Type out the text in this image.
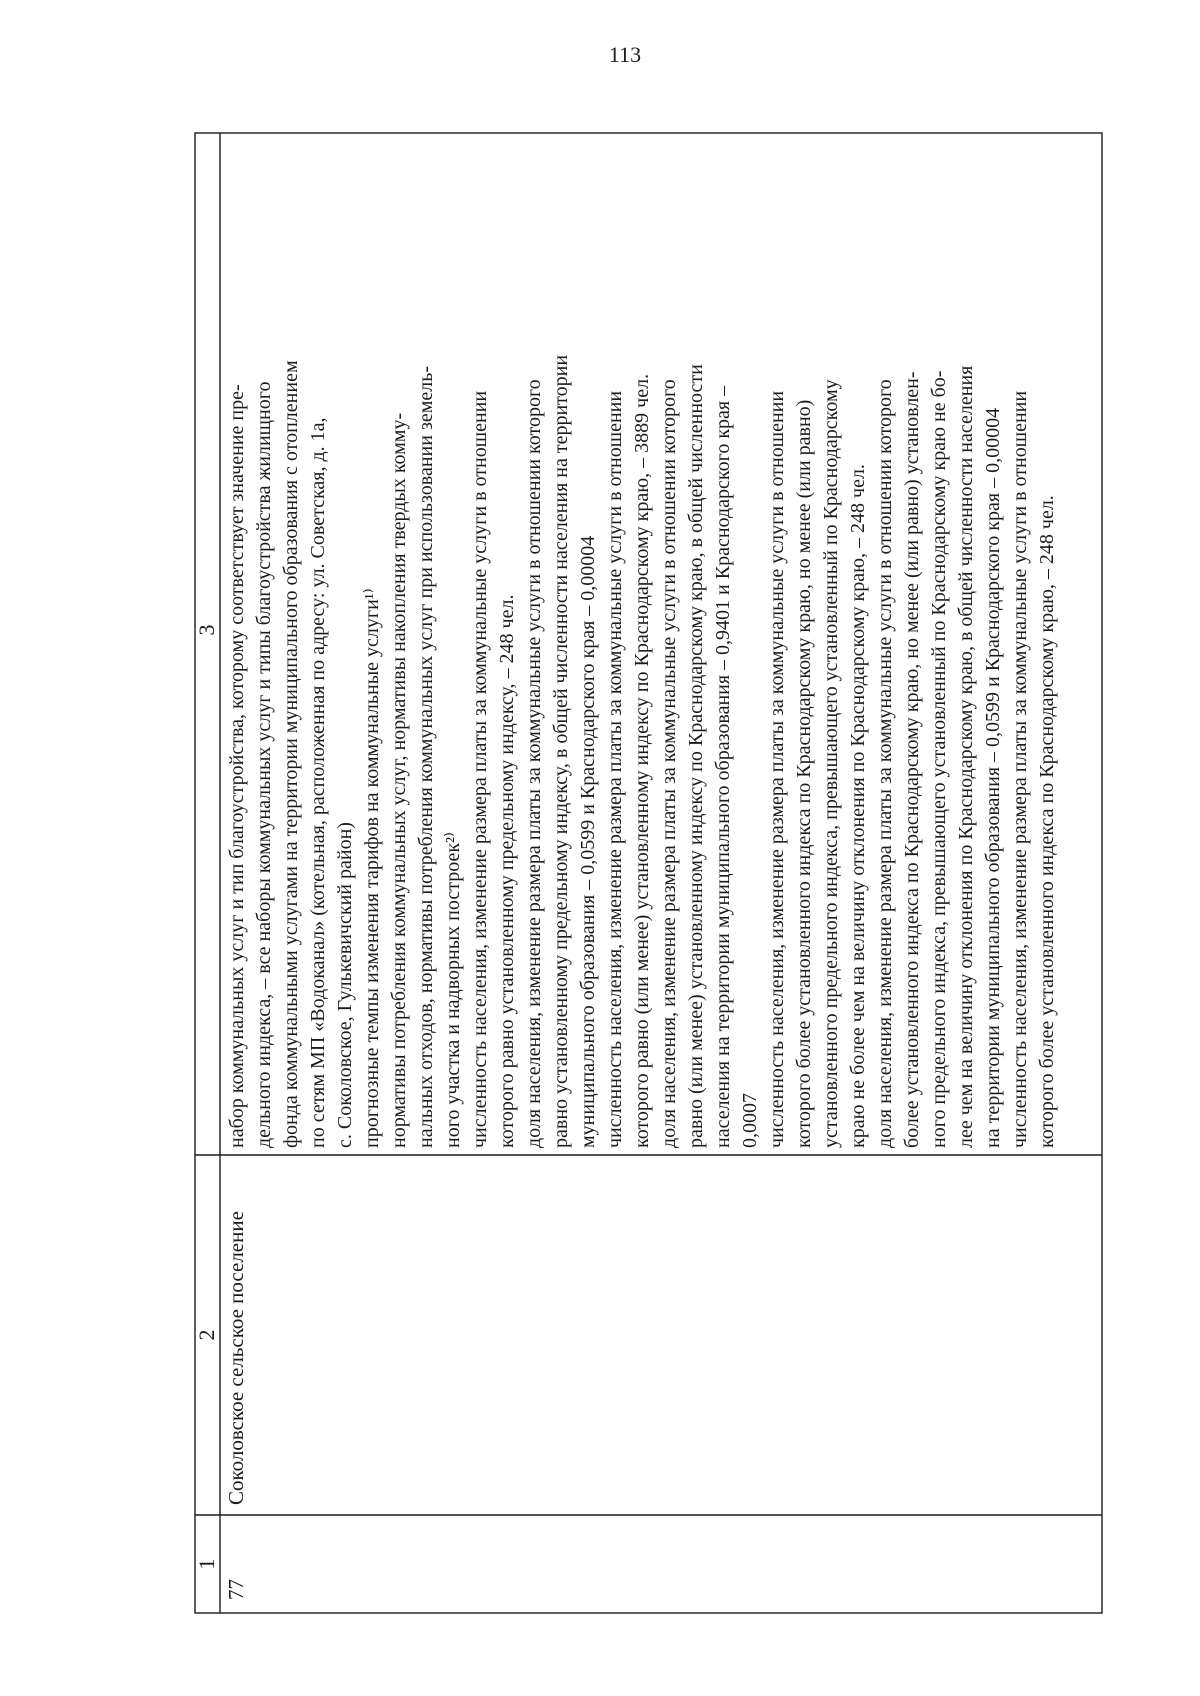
113
1
2
3
77
Соколовское сельское поселение
набор коммунальных услуг и тип благоустройства, которому соответствует значение пре- дельного индекса, – все наборы коммунальных услуг и типы благоустройства жилищного фонда коммунальными услугами на территории муниципального образования с отоплением по сетям МП «Водоканал» (котельная, расположенная по адресу: ул. Советская, д. 1а, с. Соколовское, Гулькевичский район) прогнозные темпы изменения тарифов на коммунальные услуги¹⁾ нормативы потребления коммунальных услуг, нормативы накопления твердых комму- нальных отходов, нормативы потребления коммунальных услуг при использовании земель- ного участка и надворных построек²⁾ численность населения, изменение размера платы за коммунальные услуги в отношении которого равно установленному предельному индексу, – 248 чел. доля населения, изменение размера платы за коммунальные услуги в отношении которого равно установленному предельному индексу, в общей численности населения на территории муниципального образования – 0,0599 и Краснодарского края – 0,00004 численность населения, изменение размера платы за коммунальные услуги в отношении которого равно (или менее) установленному индексу по Краснодарскому краю, – 3889 чел. доля населения, изменение размера платы за коммунальные услуги в отношении которого равно (или менее) установленному индексу по Краснодарскому краю, в общей численности населения на территории муниципального образования – 0,9401 и Краснодарского края – 0,0007 численность населения, изменение размера платы за коммунальные услуги в отношении которого более установленного индекса по Краснодарскому краю, но менее (или равно) установленного предельного индекса, превышающего установленный по Краснодарскому краю не более чем на величину отклонения по Краснодарскому краю, – 248 чел. доля населения, изменение размера платы за коммунальные услуги в отношении которого более установленного индекса по Краснодарскому краю, но менее (или равно) установлен- ного предельного индекса, превышающего установленный по Краснодарскому краю не бо- лее чем на величину отклонения по Краснодарскому краю, в общей численности населения на территории муниципального образования – 0,0599 и Краснодарского края – 0,00004 численность населения, изменение размера платы за коммунальные услуги в отношении которого более установленного индекса по Краснодарскому краю, – 248 чел.
